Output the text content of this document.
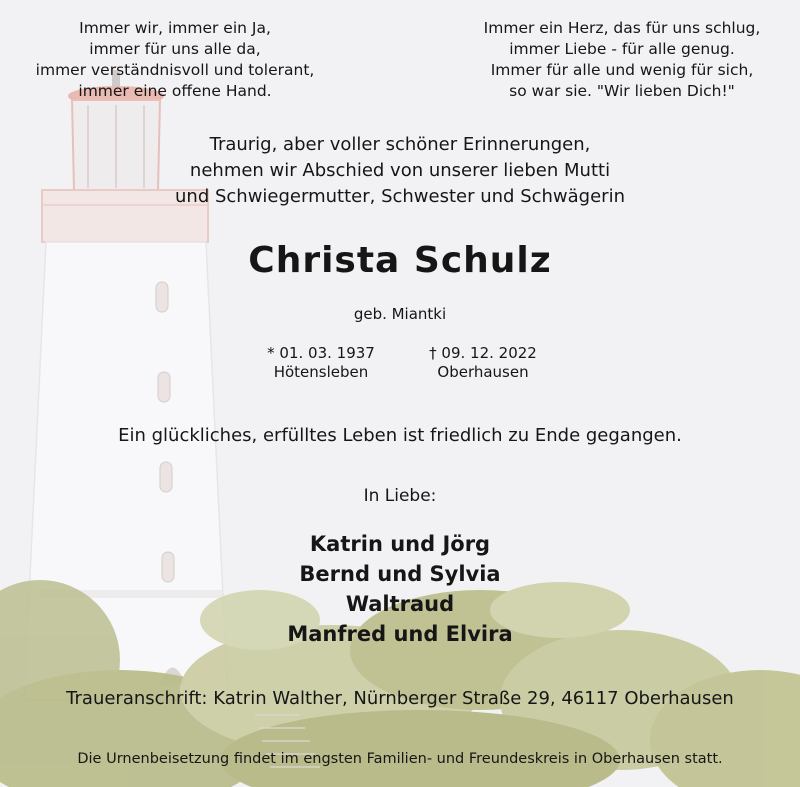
Immer wir, immer ein Ja,
immer für uns alle da,
immer verständnisvoll und tolerant,
immer eine offene Hand.
Immer ein Herz, das für uns schlug,
immer Liebe - für alle genug.
Immer für alle und wenig für sich,
so war sie. "Wir lieben Dich!"
Traurig, aber voller schöner Erinnerungen,
nehmen wir Abschied von unserer lieben Mutti
und Schwiegermutter, Schwester und Schwägerin
Christa Schulz
geb. Miantki
* 01. 03. 1937
Hötensleben
† 09. 12. 2022
Oberhausen
Ein glückliches, erfülltes Leben ist friedlich zu Ende gegangen.
In Liebe:
Katrin und Jörg
Bernd und Sylvia
Waltraud
Manfred und Elvira
Traueranschrift: Katrin Walther, Nürnberger Straße 29, 46117 Oberhausen
Die Urnenbeisetzung findet im engsten Familien- und Freundeskreis in Oberhausen statt.
